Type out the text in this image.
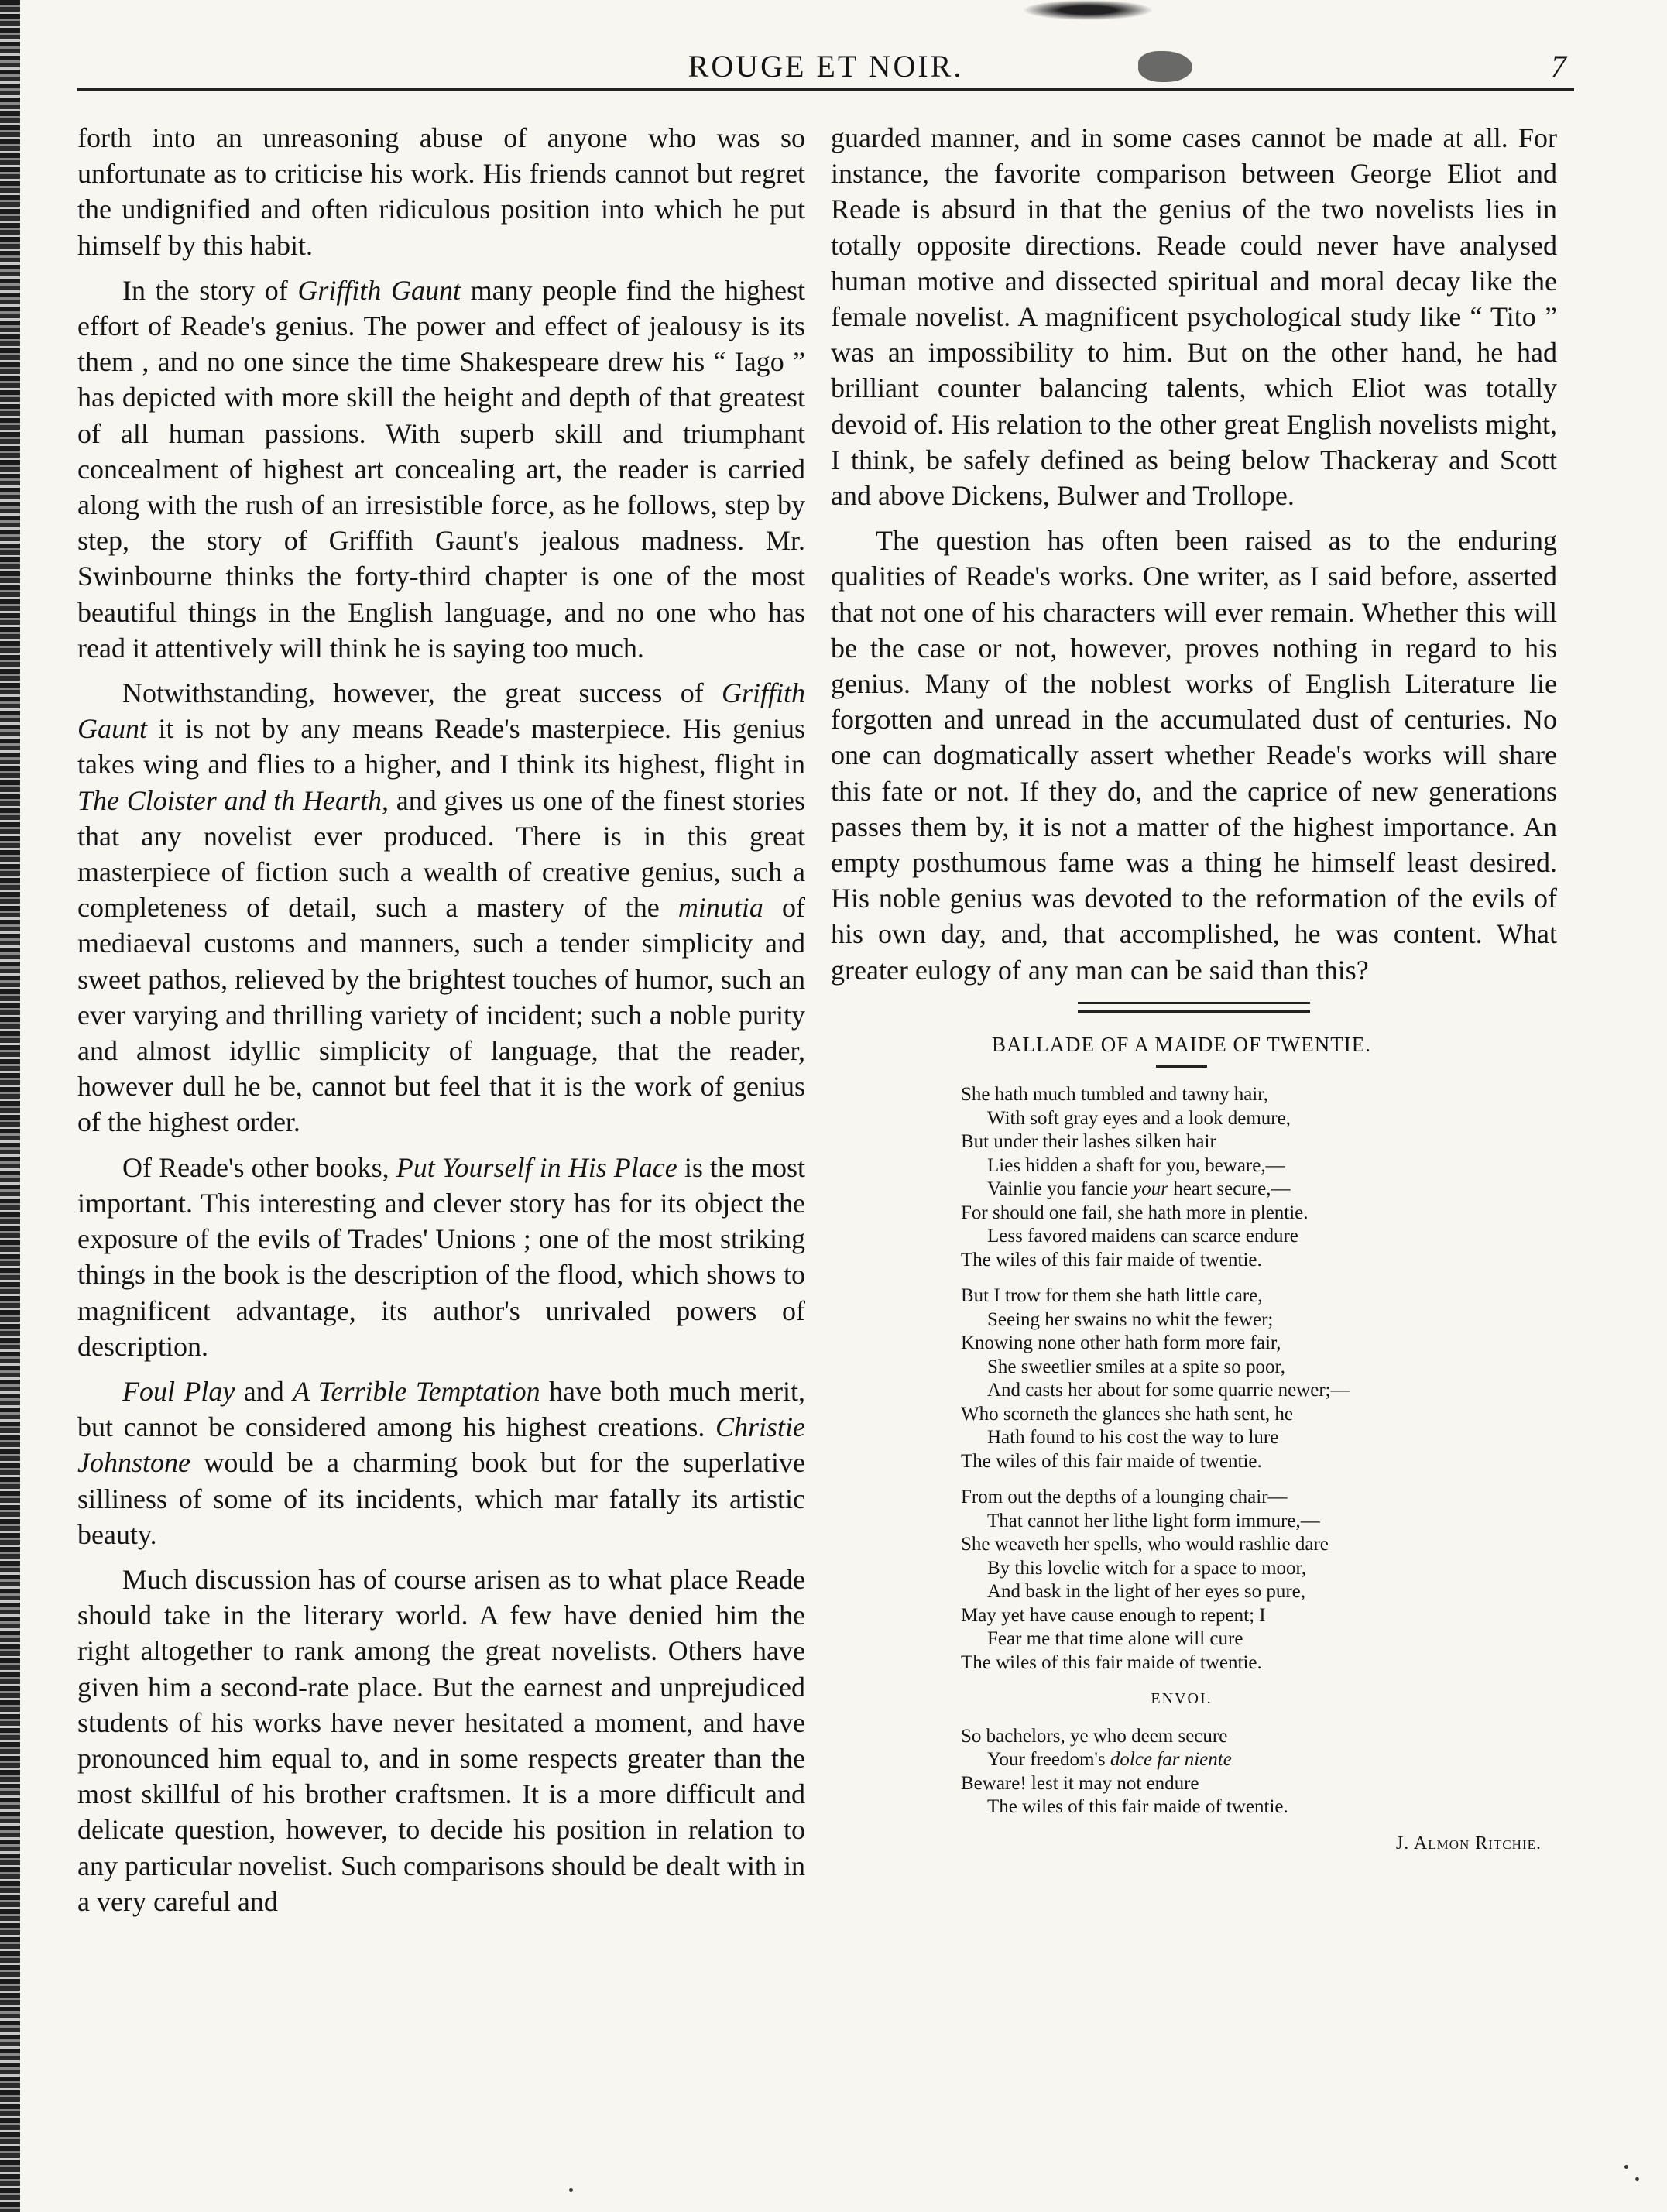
ROUGE ET NOIR.	7

forth into an unreasoning abuse of anyone who was so unfortunate as to criticise his work. His friends cannot but regret the undignified and often ridiculous position into which he put himself by this habit.

In the story of Griffith Gaunt many people find the highest effort of Reade's genius. The power and effect of jealousy is its them , and no one since the time Shakespeare drew his “ Iago ” has depicted with more skill the height and depth of that greatest of all human passions. With superb skill and triumphant concealment of highest art concealing art, the reader is carried along with the rush of an irresistible force, as he follows, step by step, the story of Griffith Gaunt's jealous madness. Mr. Swinbourne thinks the forty-third chapter is one of the most beautiful things in the English language, and no one who has read it attentively will think he is saying too much.

Notwithstanding, however, the great success of Griffith Gaunt it is not by any means Reade's masterpiece. His genius takes wing and flies to a higher, and I think its highest, flight in The Cloister and th Hearth, and gives us one of the finest stories that any novelist ever produced. There is in this great masterpiece of fiction such a wealth of creative genius, such a completeness of detail, such a mastery of the minutia of mediaeval customs and manners, such a tender simplicity and sweet pathos, relieved by the brightest touches of humor, such an ever varying and thrilling variety of incident; such a noble purity and almost idyllic simplicity of language, that the reader, however dull he be, cannot but feel that it is the work of genius of the highest order.

Of Reade's other books, Put Yourself in His Place is the most important. This interesting and clever story has for its object the exposure of the evils of Trades' Unions ; one of the most striking things in the book is the description of the flood, which shows to magnificent advantage, its author's unrivaled powers of description.

Foul Play and A Terrible Temptation have both much merit, but cannot be considered among his highest creations. Christie Johnstone would be a charming book but for the superlative silliness of some of its incidents, which mar fatally its artistic beauty.

Much discussion has of course arisen as to what place Reade should take in the literary world. A few have denied him the right altogether to rank among the great novelists. Others have given him a second-rate place. But the earnest and unprejudiced students of his works have never hesitated a moment, and have pronounced him equal to, and in some respects greater than the most skillful of his brother craftsmen. It is a more difficult and delicate question, however, to decide his position in relation to any particular novelist. Such comparisons should be dealt with in a very careful and

guarded manner, and in some cases cannot be made at all. For instance, the favorite comparison between George Eliot and Reade is absurd in that the genius of the two novelists lies in totally opposite directions. Reade could never have analysed human motive and dissected spiritual and moral decay like the female novelist. A magnificent psychological study like “ Tito ” was an impossibility to him. But on the other hand, he had brilliant counter balancing talents, which Eliot was totally devoid of. His relation to the other great English novelists might, I think, be safely defined as being below Thackeray and Scott and above Dickens, Bulwer and Trollope.

The question has often been raised as to the enduring qualities of Reade's works. One writer, as I said before, asserted that not one of his characters will ever remain. Whether this will be the case or not, however, proves nothing in regard to his genius. Many of the noblest works of English Literature lie forgotten and unread in the accumulated dust of centuries. No one can dogmatically assert whether Reade's works will share this fate or not. If they do, and the caprice of new generations passes them by, it is not a matter of the highest importance. An empty posthumous fame was a thing he himself least desired. His noble genius was devoted to the reformation of the evils of his own day, and, that accomplished, he was content. What greater eulogy of any man can be said than this?

BALLADE OF A MAIDE OF TWENTIE.
She hath much tumbled and tawny hair,
With soft gray eyes and a look demure,
But under their lashes silken hair
Lies hidden a shaft for you, beware,—
Vainlie you fancie your heart secure,—
For should one fail, she hath more in plentie.
Less favored maidens can scarce endure
The wiles of this fair maide of twentie.
But I trow for them she hath little care,
Seeing her swains no whit the fewer;
Knowing none other hath form more fair,
She sweetlier smiles at a spite so poor,
And casts her about for some quarrie newer;—
Who scorneth the glances she hath sent, he
Hath found to his cost the way to lure
The wiles of this fair maide of twentie.
From out the depths of a lounging chair—
That cannot her lithe light form immure,—
She weaveth her spells, who would rashlie dare
By this lovelie witch for a space to moor,
And bask in the light of her eyes so pure,
May yet have cause enough to repent; I
Fear me that time alone will cure
The wiles of this fair maide of twentie.
ENVOI.
So bachelors, ye who deem secure
Your freedom's dolce far niente
Beware! lest it may not endure
The wiles of this fair maide of twentie.
J. Almon Ritchie.
